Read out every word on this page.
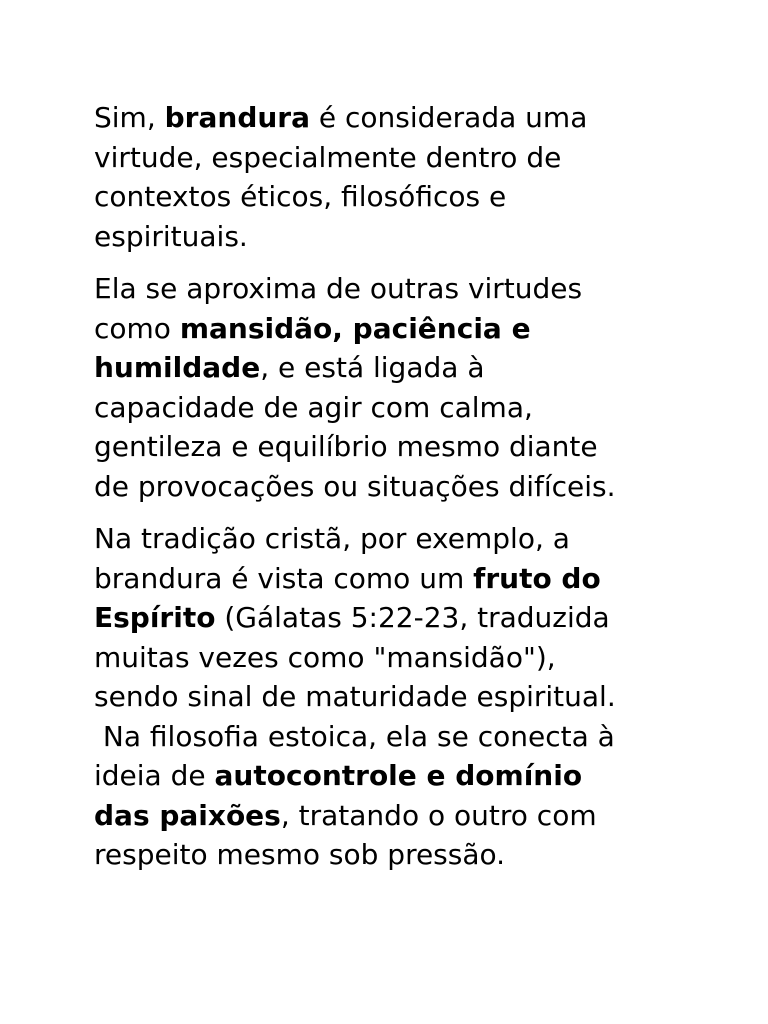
Sim, brandura é considerada uma
virtude, especialmente dentro de
contextos éticos, filosóficos e
espirituais.

Ela se aproxima de outras virtudes
como mansidão, paciência e
humildade, e está ligada à
capacidade de agir com calma,
gentileza e equilíbrio mesmo diante
de provocações ou situações difíceis.

Na tradição cristã, por exemplo, a
brandura é vista como um fruto do
Espírito (Gálatas 5:22-23, traduzida
muitas vezes como "mansidão"),
sendo sinal de maturidade espiritual.
Na filosofia estoica, ela se conecta à
ideia de autocontrole e domínio
das paixões, tratando o outro com
respeito mesmo sob pressão.
